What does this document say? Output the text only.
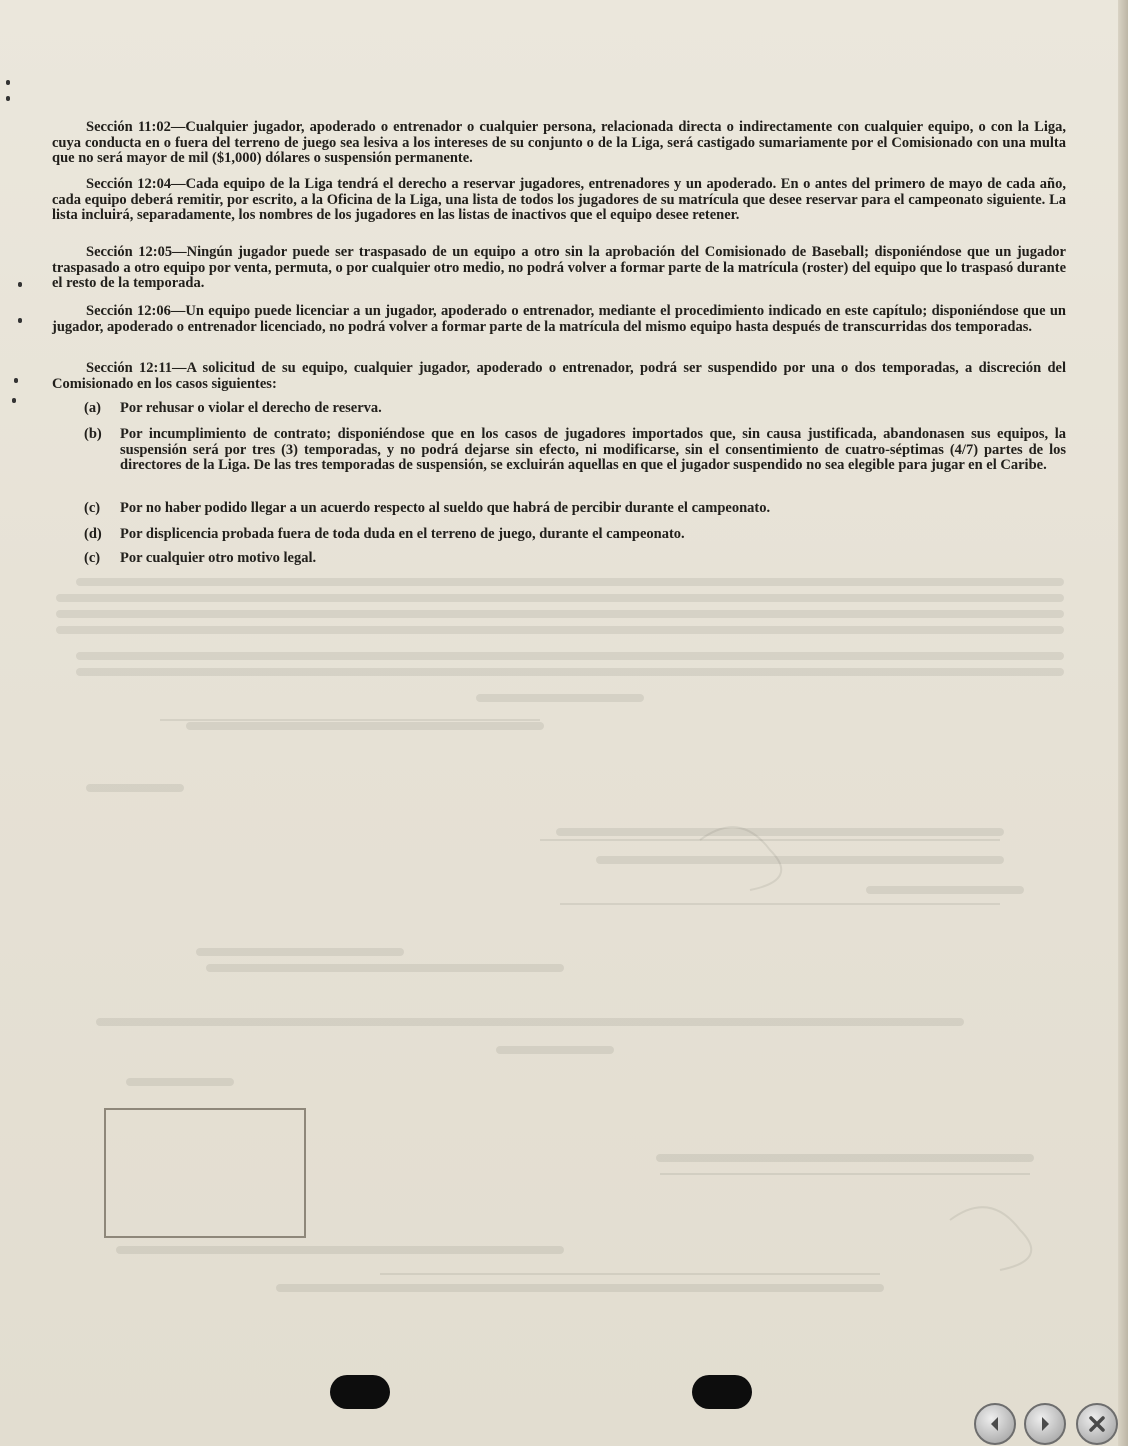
Sección 11:02—Cualquier jugador, apoderado o entrenador o cualquier persona, relacionada directa o indirectamente con cualquier equipo, o con la Liga, cuya conducta en o fuera del terreno de juego sea lesiva a los intereses de su conjunto o de la Liga, será castigado sumariamente por el Comisionado con una multa que no será mayor de mil ($1,000) dólares o suspensión permanente.

Sección 12:04—Cada equipo de la Liga tendrá el derecho a reservar jugadores, entrenadores y un apoderado. En o antes del primero de mayo de cada año, cada equipo deberá remitir, por escrito, a la Oficina de la Liga, una lista de todos los jugadores de su matrícula que desee reservar para el campeonato siguiente. La lista incluirá, separadamente, los nombres de los jugadores en las listas de inactivos que el equipo desee retener.

Sección 12:05—Ningún jugador puede ser traspasado de un equipo a otro sin la aprobación del Comisionado de Baseball; disponiéndose que un jugador traspasado a otro equipo por venta, permuta, o por cualquier otro medio, no podrá volver a formar parte de la matrícula (roster) del equipo que lo traspasó durante el resto de la temporada.

Sección 12:06—Un equipo puede licenciar a un jugador, apoderado o entrenador, mediante el procedimiento indicado en este capítulo; disponiéndose que un jugador, apoderado o entrenador licenciado, no podrá volver a formar parte de la matrícula del mismo equipo hasta después de transcurridas dos temporadas.

Sección 12:11—A solicitud de su equipo, cualquier jugador, apoderado o entrenador, podrá ser suspendido por una o dos temporadas, a discreción del Comisionado en los casos siguientes:

(a)	Por rehusar o violar el derecho de reserva.
(b)	Por incumplimiento de contrato; disponiéndose que en los casos de jugadores importados que, sin causa justificada, abandonasen sus equipos, la suspensión será por tres (3) temporadas, y no podrá dejarse sin efecto, ni modificarse, sin el consentimiento de cuatro-séptimas (4/7) partes de los directores de la Liga. De las tres temporadas de suspensión, se excluirán aquellas en que el jugador suspendido no sea elegible para jugar en el Caribe.
(c)	Por no haber podido llegar a un acuerdo respecto al sueldo que habrá de percibir durante el campeonato.
(d)	Por displicencia probada fuera de toda duda en el terreno de juego, durante el campeonato.
(c)	Por cualquier otro motivo legal.
